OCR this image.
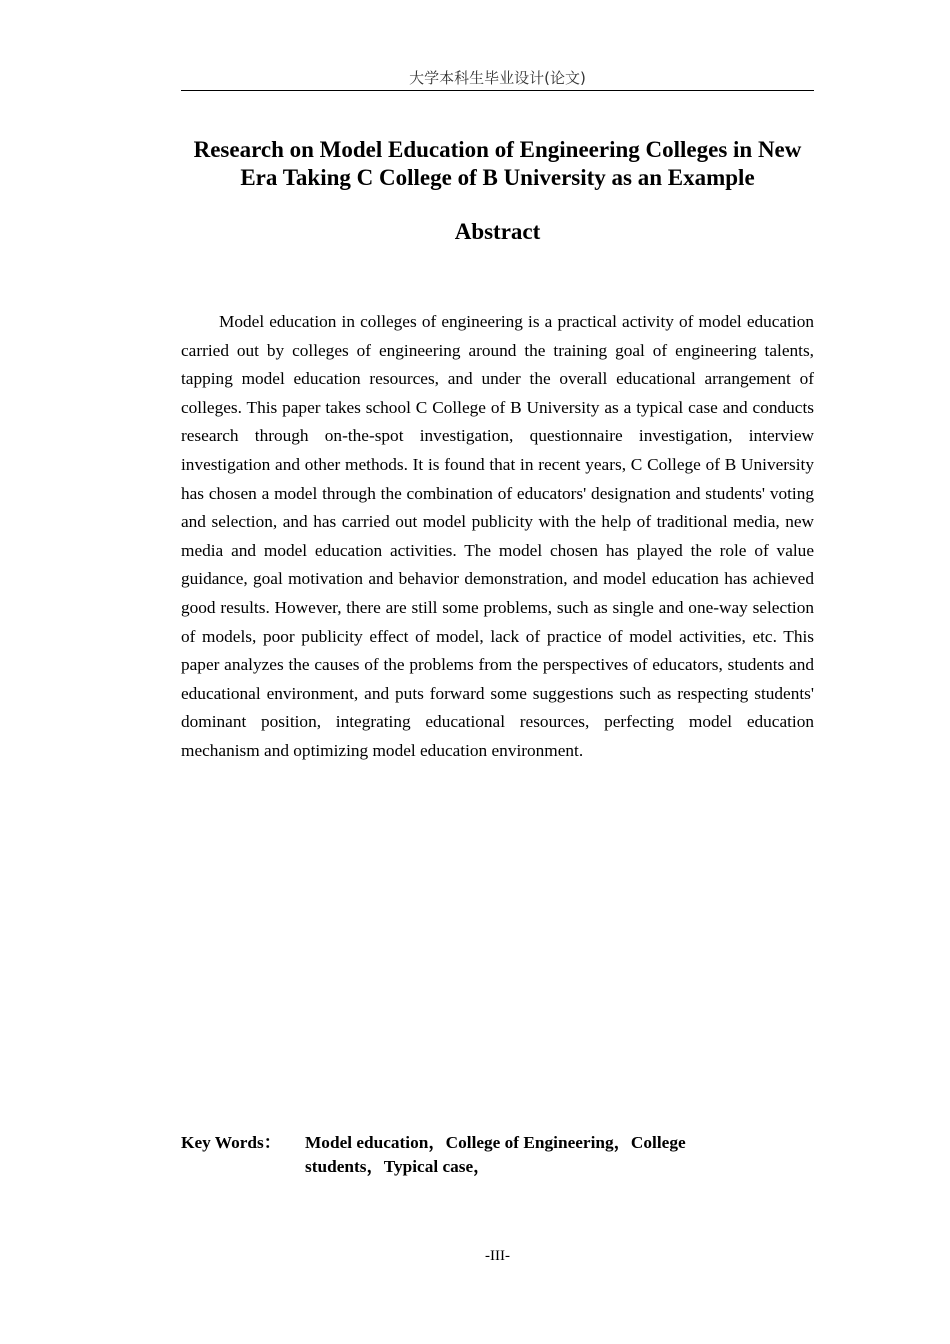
大学本科生毕业设计(论文)
Research on Model Education of Engineering Colleges in New
Era Taking C College of B University as an Example
Abstract

Model education in colleges of engineering is a practical activity of model education carried out by colleges of engineering around the training goal of engineering talents, tapping model education resources, and under the overall educational arrangement of colleges. This paper takes school C College of B University as a typical case and conducts research through on-the-spot investigation, questionnaire investigation, interview investigation and other methods. It is found that in recent years, C College of B University has chosen a model through the combination of educators' designation and students' voting and selection, and has carried out model publicity with the help of traditional media, new media and model education activities. The model chosen has played the role of value guidance, goal motivation and behavior demonstration, and model education has achieved good results. However, there are still some problems, such as single and one-way selection of models, poor publicity effect of model, lack of practice of model activities, etc. This paper analyzes the causes of the problems from the perspectives of educators, students and educational environment, and puts forward some suggestions such as respecting students' dominant position, integrating educational resources, perfecting model education mechanism and optimizing model education environment.

Key Words： Model education，College of Engineering，College students，Typical case，
-III-
